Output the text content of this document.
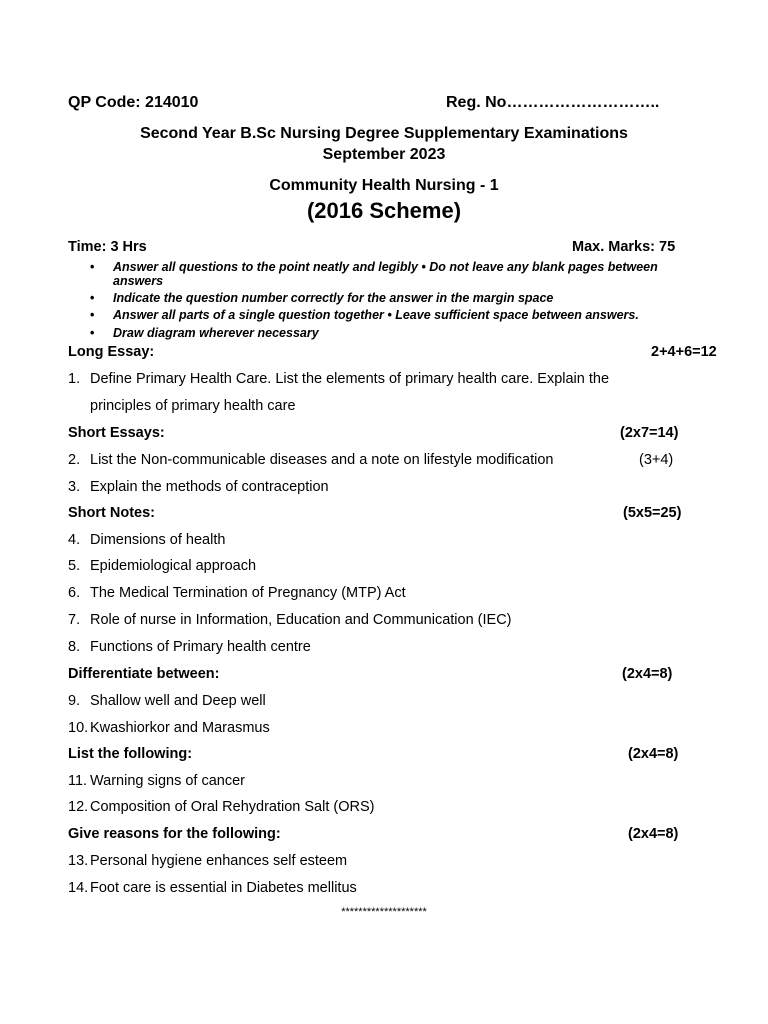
QP Code: 214010	Reg. No………………………..
Second Year B.Sc Nursing Degree Supplementary Examinations
September 2023
Community Health Nursing - 1
(2016 Scheme)
Time: 3 Hrs	Max. Marks: 75
• Answer all questions to the point neatly and legibly • Do not leave any blank pages between answers
• Indicate the question number correctly for the answer in the margin space
• Answer all parts of a single question together • Leave sufficient space between answers.
• Draw diagram wherever necessary
Long Essay:	2+4+6=12
1. Define Primary Health Care. List the elements of primary health care. Explain the
principles of primary health care
Short Essays:	(2x7=14)
2. List the Non-communicable diseases and a note on lifestyle modification	(3+4)
3. Explain the methods of contraception
Short Notes:	(5x5=25)
4. Dimensions of health
5. Epidemiological approach
6. The Medical Termination of Pregnancy (MTP) Act
7. Role of nurse in Information, Education and Communication (IEC)
8. Functions of Primary health centre
Differentiate between:	(2x4=8)
9. Shallow well and Deep well
10. Kwashiorkor and Marasmus
List the following:	(2x4=8)
11. Warning signs of cancer
12. Composition of Oral Rehydration Salt (ORS)
Give reasons for the following:	(2x4=8)
13. Personal hygiene enhances self esteem
14. Foot care is essential in Diabetes mellitus
********************
